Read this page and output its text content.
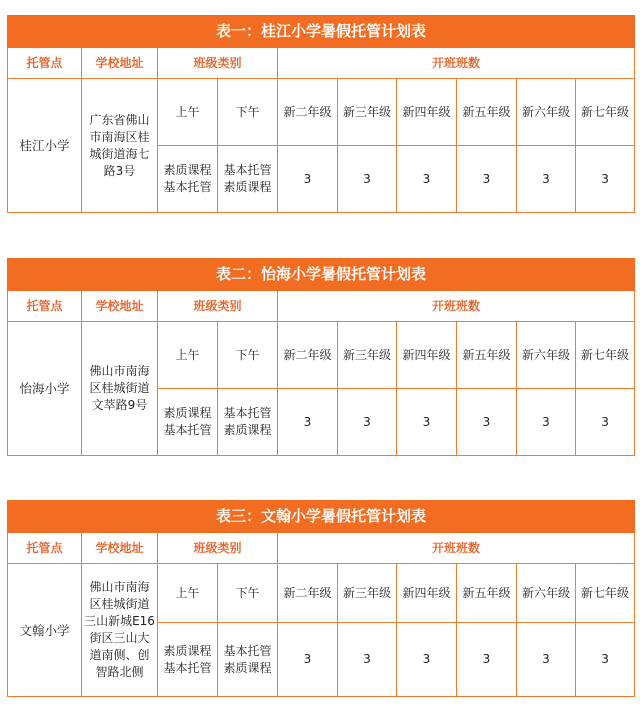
表一：桂江小学暑假托管计划表									
托管点	学校地址	班级类别		开班班数					
桂江小学	广东省佛山市南海区桂城街道海七路3号	上午	下午	新二年级	新三年级	新四年级	新五年级	新六年级	新七年级
		素质课程 基本托管	基本托管 素质课程	3	3	3	3	3	3
表二：怡海小学暑假托管计划表									
托管点	学校地址	班级类别		开班班数					
怡海小学	佛山市南海区桂城街道文萃路9号	上午	下午	新二年级	新三年级	新四年级	新五年级	新六年级	新七年级
		素质课程 基本托管	基本托管 素质课程	3	3	3	3	3	3
表三：文翰小学暑假托管计划表									
托管点	学校地址	班级类别		开班班数					
文翰小学	佛山市南海区桂城街道三山新城E16街区三山大道南侧、创智路北侧	上午	下午	新二年级	新三年级	新四年级	新五年级	新六年级	新七年级
		素质课程 基本托管	基本托管 素质课程	3	3	3	3	3	3
